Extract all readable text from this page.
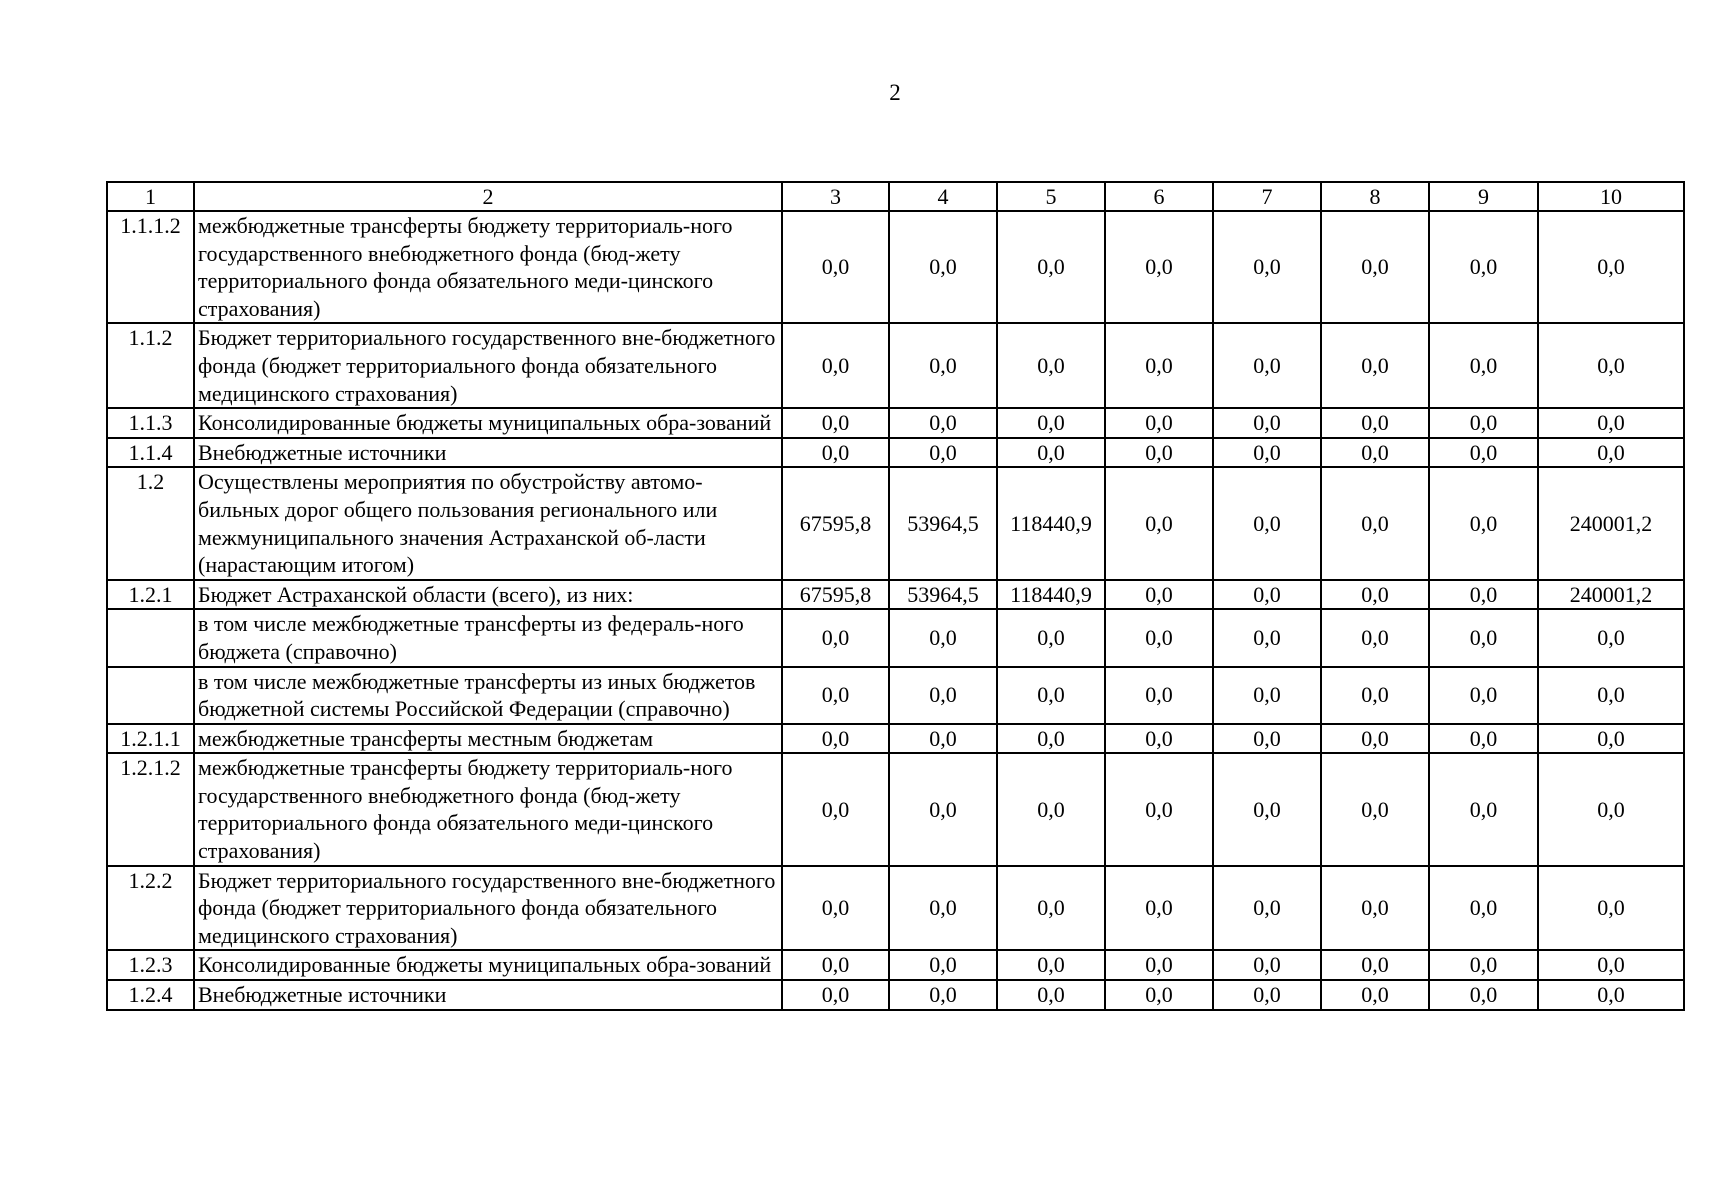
2
1	2	3	4	5	6	7	8	9	10
1.1.1.2	межбюджетные трансферты бюджету территориаль-ного государственного внебюджетного фонда (бюд-жету территориального фонда обязательного меди-цинского страхования)	0,0	0,0	0,0	0,0	0,0	0,0	0,0	0,0
1.1.2	Бюджет территориального государственного вне-бюджетного фонда (бюджет территориального фонда обязательного медицинского страхования)	0,0	0,0	0,0	0,0	0,0	0,0	0,0	0,0
1.1.3	Консолидированные бюджеты муниципальных обра-зований	0,0	0,0	0,0	0,0	0,0	0,0	0,0	0,0
1.1.4	Внебюджетные источники	0,0	0,0	0,0	0,0	0,0	0,0	0,0	0,0
1.2	Осуществлены мероприятия по обустройству автомо-бильных дорог общего пользования регионального или межмуниципального значения Астраханской об-ласти (нарастающим итогом)	67595,8	53964,5	118440,9	0,0	0,0	0,0	0,0	240001,2
1.2.1	Бюджет Астраханской области (всего), из них:	67595,8	53964,5	118440,9	0,0	0,0	0,0	0,0	240001,2
	в том числе межбюджетные трансферты из федераль-ного бюджета (справочно)	0,0	0,0	0,0	0,0	0,0	0,0	0,0	0,0
	в том числе межбюджетные трансферты из иных бюджетов бюджетной системы Российской Федерации (справочно)	0,0	0,0	0,0	0,0	0,0	0,0	0,0	0,0
1.2.1.1	межбюджетные трансферты местным бюджетам	0,0	0,0	0,0	0,0	0,0	0,0	0,0	0,0
1.2.1.2	межбюджетные трансферты бюджету территориаль-ного государственного внебюджетного фонда (бюд-жету территориального фонда обязательного меди-цинского страхования)	0,0	0,0	0,0	0,0	0,0	0,0	0,0	0,0
1.2.2	Бюджет территориального государственного вне-бюджетного фонда (бюджет территориального фонда обязательного медицинского страхования)	0,0	0,0	0,0	0,0	0,0	0,0	0,0	0,0
1.2.3	Консолидированные бюджеты муниципальных обра-зований	0,0	0,0	0,0	0,0	0,0	0,0	0,0	0,0
1.2.4	Внебюджетные источники	0,0	0,0	0,0	0,0	0,0	0,0	0,0	0,0
